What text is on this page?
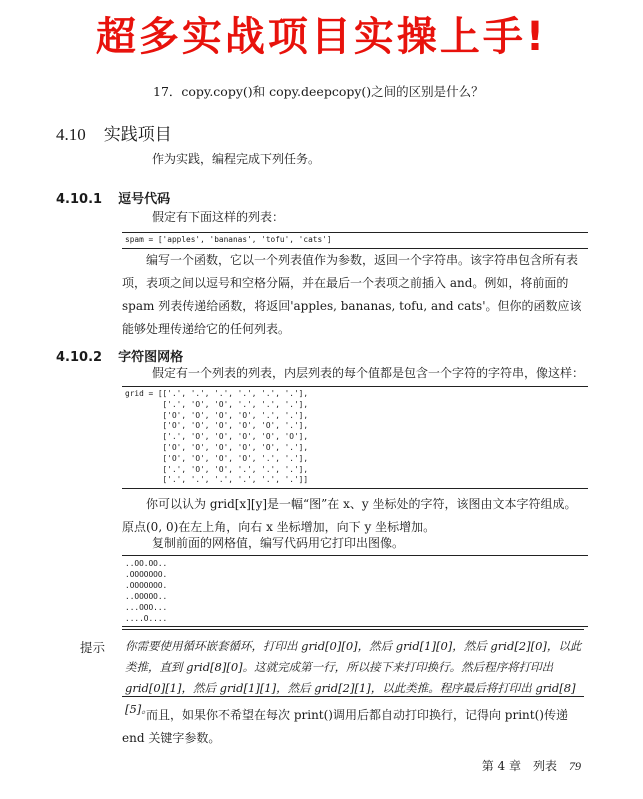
超多实战项目实操上手!
17．copy.copy()和 copy.deepcopy()之间的区别是什么？
4.10 实践项目
作为实践，编程完成下列任务。
4.10.1 逗号代码
假定有下面这样的列表：
spam = ['apples', 'bananas', 'tofu', 'cats']
编写一个函数，它以一个列表值作为参数，返回一个字符串。该字符串包含所有表项，表项之间以逗号和空格分隔，并在最后一个表项之前插入 and。例如，将前面的 spam 列表传递给函数，将返回'apples, bananas, tofu, and cats'。但你的函数应该能够处理传递给它的任何列表。
4.10.2 字符图网格
假定有一个列表的列表，内层列表的每个值都是包含一个字符的字符串，像这样：
grid = [['.', '.', '.', '.', '.', '.'],
['.', 'O', 'O', '.', '.', '.'],
['O', 'O', 'O', 'O', '.', '.'],
['O', 'O', 'O', 'O', 'O', '.'],
['.', 'O', 'O', 'O', 'O', 'O'],
['O', 'O', 'O', 'O', 'O', '.'],
['O', 'O', 'O', 'O', '.', '.'],
['.', 'O', 'O', '.', '.', '.'],
['.', '.', '.', '.', '.', '.']]
你可以认为 grid[x][y]是一幅“图”在 x、y 坐标处的字符，该图由文本字符组成。原点(0, 0)在左上角，向右 x 坐标增加，向下 y 坐标增加。
复制前面的网格值，编写代码用它打印出图像。
..OO.OO..
.OOOOOOO.
.OOOOOOO.
..OOOOO..
...OOO...
....O....
提示 你需要使用循环嵌套循环，打印出 grid[0][0]，然后 grid[1][0]，然后 grid[2][0]，以此类推，直到 grid[8][0]。这就完成第一行，所以接下来打印换行。然后程序将打印出 grid[0][1]，然后 grid[1][1]，然后 grid[2][1]，以此类推。程序最后将打印出 grid[8][5]。
而且，如果你不希望在每次 print()调用后都自动打印换行，记得向 print()传递 end 关键字参数。
第 4 章　列表 79
